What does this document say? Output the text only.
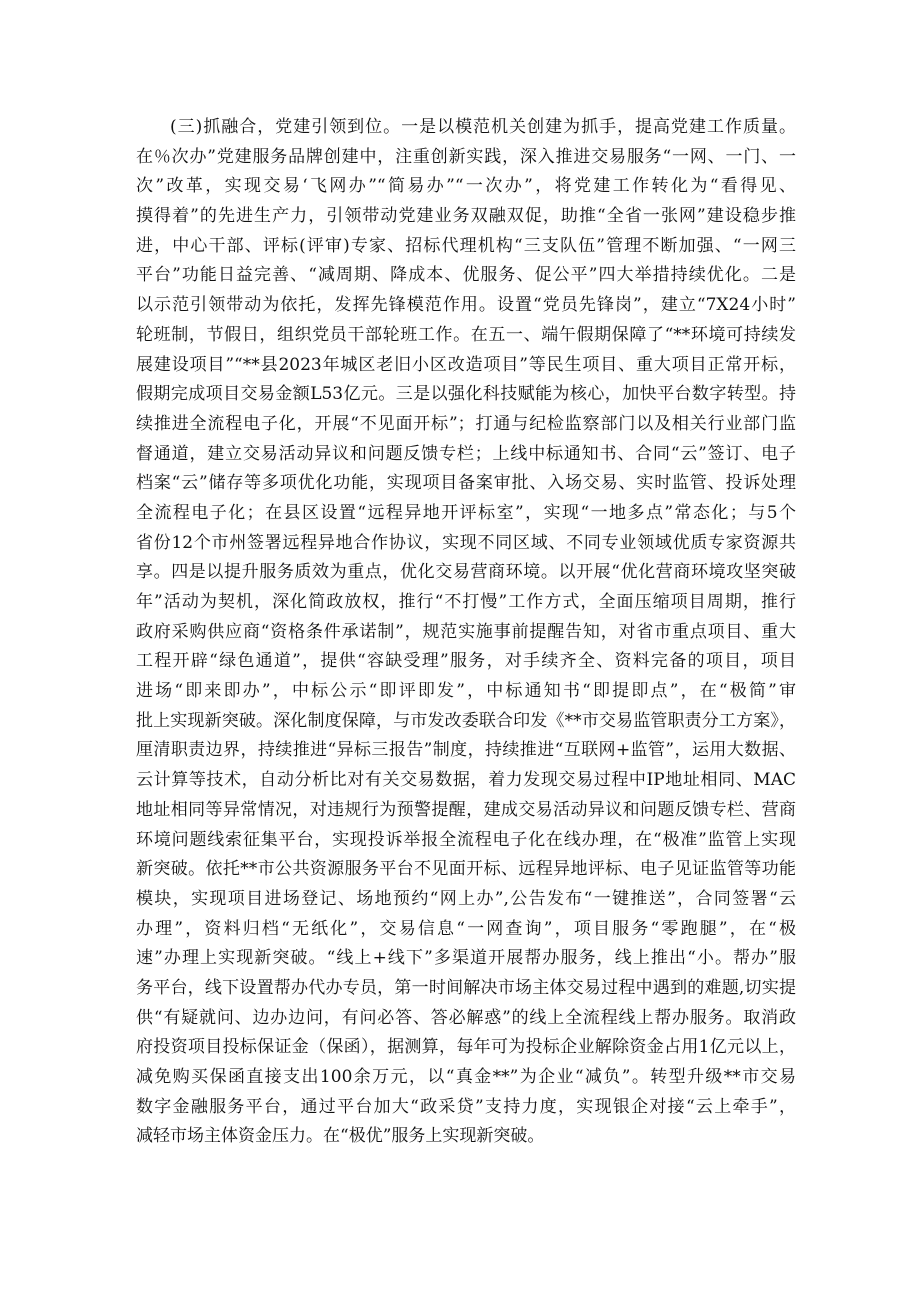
(三)抓融合，党建引领到位。一是以模范机关创建为抓手，提高党建工作质量。
在％次办”党建服务品牌创建中，注重创新实践，深入推进交易服务“一网、一门、一
次”改革，实现交易‘飞网办”“简易办”“一次办”，将党建工作转化为“看得见、
摸得着”的先进生产力，引领带动党建业务双融双促，助推“全省一张网”建设稳步推
进，中心干部、评标(评审)专家、招标代理机构“三支队伍”管理不断加强、“一网三
平台”功能日益完善、“减周期、降成本、优服务、促公平”四大举措持续优化。二是
以示范引领带动为依托，发挥先锋模范作用。设置“党员先锋岗”，建立“7X24小时”
轮班制，节假日，组织党员干部轮班工作。在五一、端午假期保障了“**环境可持续发
展建设项目”“**县2023年城区老旧小区改造项目”等民生项目、重大项目正常开标，
假期完成项目交易金额L53亿元。三是以强化科技赋能为核心，加快平台数字转型。持
续推进全流程电子化，开展“不见面开标”；打通与纪检监察部门以及相关行业部门监
督通道，建立交易活动异议和问题反馈专栏；上线中标通知书、合同“云”签订、电子
档案“云”储存等多项优化功能，实现项目备案审批、入场交易、实时监管、投诉处理
全流程电子化；在县区设置“远程异地开评标室”，实现“一地多点”常态化；与5个
省份12个市州签署远程异地合作协议，实现不同区域、不同专业领域优质专家资源共
享。四是以提升服务质效为重点，优化交易营商环境。以开展“优化营商环境攻坚突破
年”活动为契机，深化简政放权，推行“不打慢”工作方式，全面压缩项目周期，推行
政府采购供应商“资格条件承诺制”，规范实施事前提醒告知，对省市重点项目、重大
工程开辟“绿色通道”，提供“容缺受理”服务，对手续齐全、资料完备的项目，项目
进场“即来即办”，中标公示“即评即发”，中标通知书“即提即点”，在“极简”审
批上实现新突破。深化制度保障，与市发改委联合印发《**市交易监管职责分工方案》，
厘清职责边界，持续推进“异标三报告”制度，持续推进“互联网+监管”，运用大数据、
云计算等技术，自动分析比对有关交易数据，着力发现交易过程中IP地址相同、MAC
地址相同等异常情况，对违规行为预警提醒，建成交易活动异议和问题反馈专栏、营商
环境问题线索征集平台，实现投诉举报全流程电子化在线办理，在“极准”监管上实现
新突破。依托**市公共资源服务平台不见面开标、远程异地评标、电子见证监管等功能
模块，实现项目进场登记、场地预约“网上办”,公告发布“一键推送”，合同签署“云
办理”，资料归档“无纸化”，交易信息“一网查询”，项目服务“零跑腿”，在“极
速”办理上实现新突破。“线上+线下”多渠道开展帮办服务，线上推出“小。帮办”服
务平台，线下设置帮办代办专员，第一时间解决市场主体交易过程中遇到的难题,切实提
供“有疑就问、边办边问，有问必答、答必解惑”的线上全流程线上帮办服务。取消政
府投资项目投标保证金（保函），据测算，每年可为投标企业解除资金占用1亿元以上，
减免购买保函直接支出100余万元，以“真金**”为企业“减负”。转型升级**市交易
数字金融服务平台，通过平台加大“政采贷”支持力度，实现银企对接“云上牵手”，
减轻市场主体资金压力。在“极优”服务上实现新突破。
